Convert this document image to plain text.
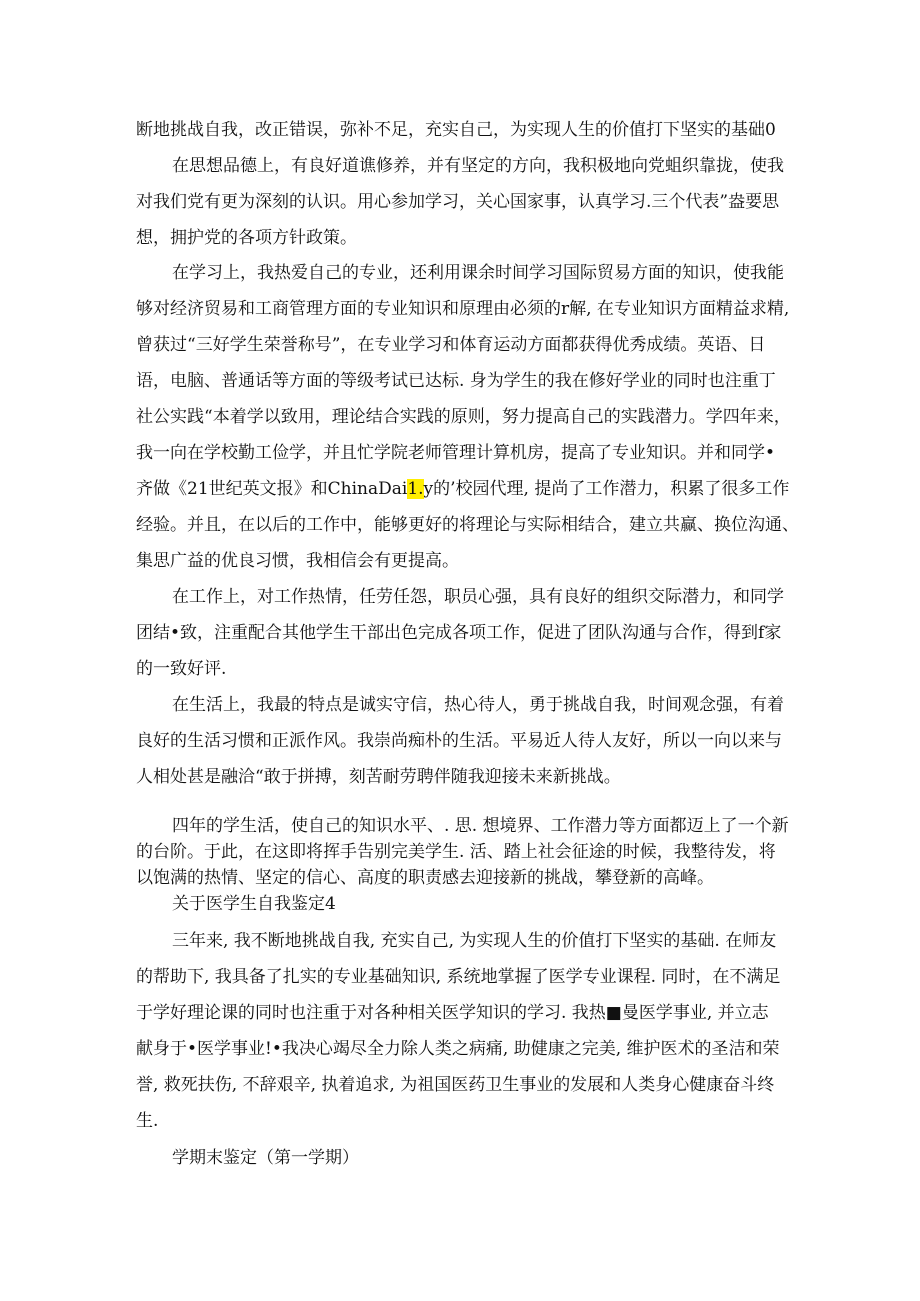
断地挑战自我，改正错误，弥补不足，充实自己，为实现人生的价值打下坚实的基础0
在思想品德上，有良好道谯修养，并有坚定的方向，我积极地向党蛆织靠拢，使我
对我们党有更为深刻的认识。用心参加学习，关心国家事，认真学习.三个代表”盎要思
想，拥护党的各项方针政策。
在学习上，我热爱自己的专业，还利用课余时间学习国际贸易方面的知识，使我能
够对经济贸易和工商管理方面的专业知识和原理由必须的r解, 在专业知识方面精益求精,
曾获过“三好学生荣誉称号”，在专业学习和体育运动方面都获得优秀成绩。英语、日
语，电脑、普通话等方面的等级考试已达标. 身为学生的我在修好学业的同时也注重丁
社公实践“本着学以致用，理论结合实践的原则，努力提高自己的实践潜力。学四年来，
我一向在学校勤工俭学，并且忙学院老师管理计算机房，提高了专业知识。并和同学•
齐做《21世纪英文报》和ChinaDai1.y的’校园代理, 提尚了工作潜力，积累了很多工作
经验。并且，在以后的工作中，能够更好的将理论与实际相结合，建立共赢、换位沟通、
集思广益的优良习惯，我相信会有更提高。
在工作上，对工作热情，任劳任怨，职员心强，具有良好的组织交际潜力，和同学
团结•致，注重配合其他学生干部出色完成各项工作，促进了团队沟通与合作，得到f家
的一致好评.
在生活上，我最的特点是诚实守信，热心待人，勇于挑战自我，时间观念强，有着
良好的生活习惯和正派作风。我崇尚痴朴的生活。平易近人待人友好，所以一向以来与
人相处甚是融洽“敢于拼搏，刻苦耐劳聘伴随我迎接未来新挑战。
四年的学生活，使自己的知识水平、. 思. 想境界、工作潜力等方面都迈上了一个新
的台阶。于此，在这即将挥手告别完美学生. 活、踏上社会征途的时候，我整待发，将
以饱满的热情、坚定的信心、高度的职责感去迎接新的挑战，攀登新的高峰。
关于医学生自我鉴定4
三年来, 我不断地挑战自我, 充实自己, 为实现人生的价值打下坚实的基础. 在师友
的帮助下, 我具备了扎实的专业基础知识, 系统地掌握了医学专业课程. 同时，在不满足
于学好理论课的同时也注重于对各种相关医学知识的学习. 我热■曼医学事业, 并立志
献身于•医学事业!•我决心竭尽全力除人类之病痛, 助健康之完美, 维护医术的圣洁和荣
誉, 救死扶伤, 不辞艰辛, 执着追求, 为祖国医药卫生事业的发展和人类身心健康奋斗终
生.
学期末鉴定（第一学期）
